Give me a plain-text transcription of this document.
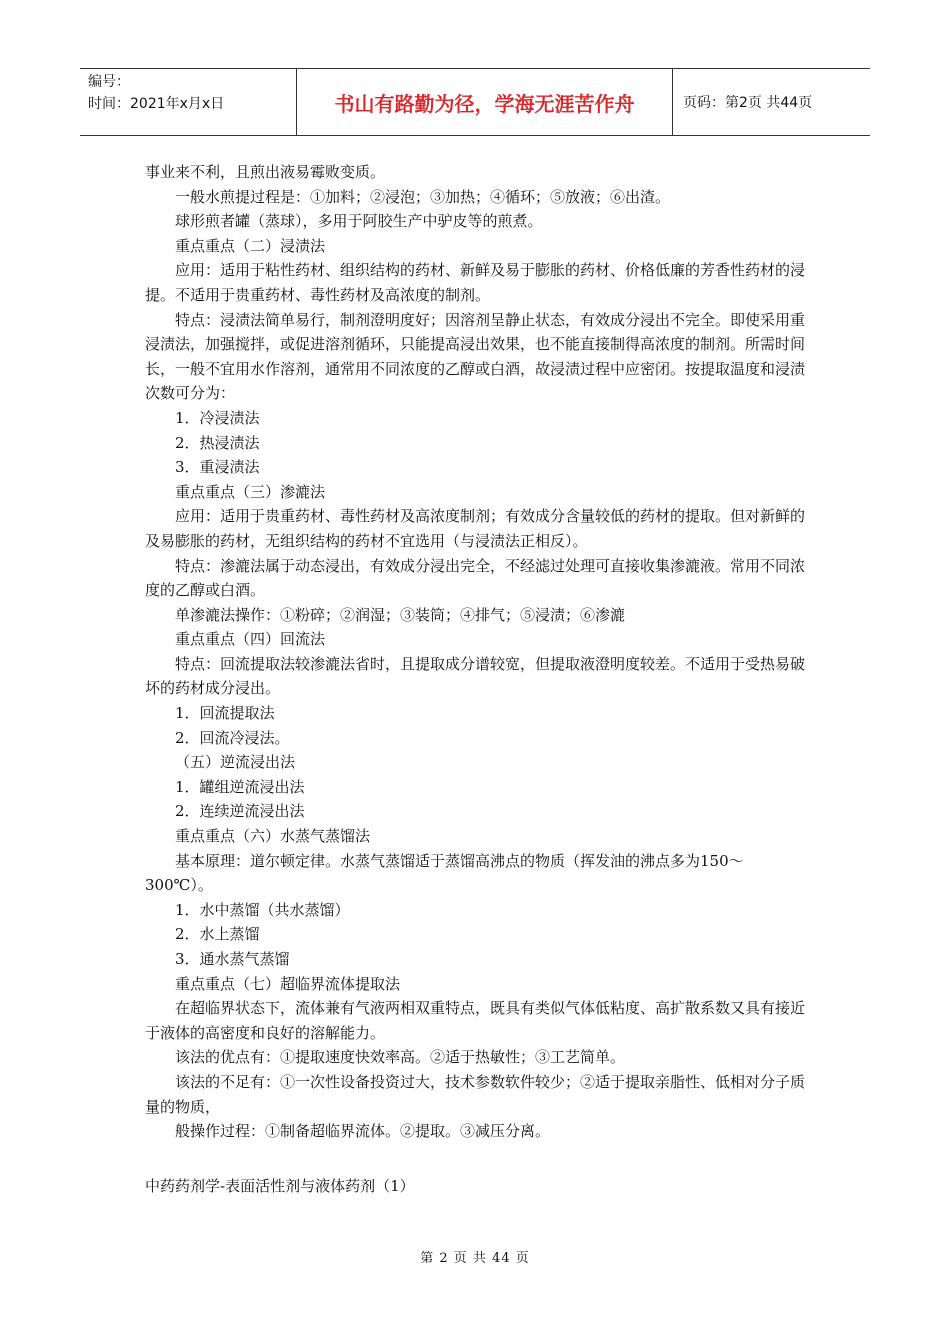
编号：
时间：2021年x月x日	书山有路勤为径，学海无涯苦作舟	页码：第2页 共44页

事业来不利，且煎出液易霉败变质。

一般水煎提过程是：①加料；②浸泡；③加热；④循环；⑤放液；⑥出渣。

球形煎者罐（蒸球），多用于阿胶生产中驴皮等的煎煮。

重点重点（二）浸渍法

应用：适用于粘性药材、组织结构的药材、新鲜及易于膨胀的药材、价格低廉的芳香性药材的浸提。不适用于贵重药材、毒性药材及高浓度的制剂。

特点：浸渍法简单易行，制剂澄明度好；因溶剂呈静止状态，有效成分浸出不完全。即使采用重浸渍法，加强搅拌，或促进溶剂循环，只能提高浸出效果，也不能直接制得高浓度的制剂。所需时间长，一般不宜用水作溶剂，通常用不同浓度的乙醇或白酒，故浸渍过程中应密闭。按提取温度和浸渍次数可分为：

1．冷浸渍法

2．热浸渍法

3．重浸渍法

重点重点（三）渗漉法

应用：适用于贵重药材、毒性药材及高浓度制剂；有效成分含量较低的药材的提取。但对新鲜的及易膨胀的药材，无组织结构的药材不宜选用（与浸渍法正相反）。

特点：渗漉法属于动态浸出，有效成分浸出完全，不经滤过处理可直接收集渗漉液。常用不同浓度的乙醇或白酒。

单渗漉法操作：①粉碎；②润湿；③装筒；④排气；⑤浸渍；⑥渗漉

重点重点（四）回流法

特点：回流提取法较渗漉法省时，且提取成分谱较宽，但提取液澄明度较差。不适用于受热易破坏的药材成分浸出。

1．回流提取法

2．回流冷浸法。

（五）逆流浸出法

1．罐组逆流浸出法

2．连续逆流浸出法

重点重点（六）水蒸气蒸馏法

基本原理：道尔顿定律。水蒸气蒸馏适于蒸馏高沸点的物质（挥发油的沸点多为150～300℃）。

1．水中蒸馏（共水蒸馏）

2．水上蒸馏

3．通水蒸气蒸馏

重点重点（七）超临界流体提取法

在超临界状态下，流体兼有气液两相双重特点，既具有类似气体低粘度、高扩散系数又具有接近于液体的高密度和良好的溶解能力。

该法的优点有：①提取速度快效率高。②适于热敏性；③工艺简单。

该法的不足有：①一次性设备投资过大，技术参数软件较少；②适于提取亲脂性、低相对分子质量的物质，

般操作过程：①制备超临界流体。②提取。③减压分离。

中药药剂学-表面活性剂与液体药剂（1）

第 2 页 共 44 页
